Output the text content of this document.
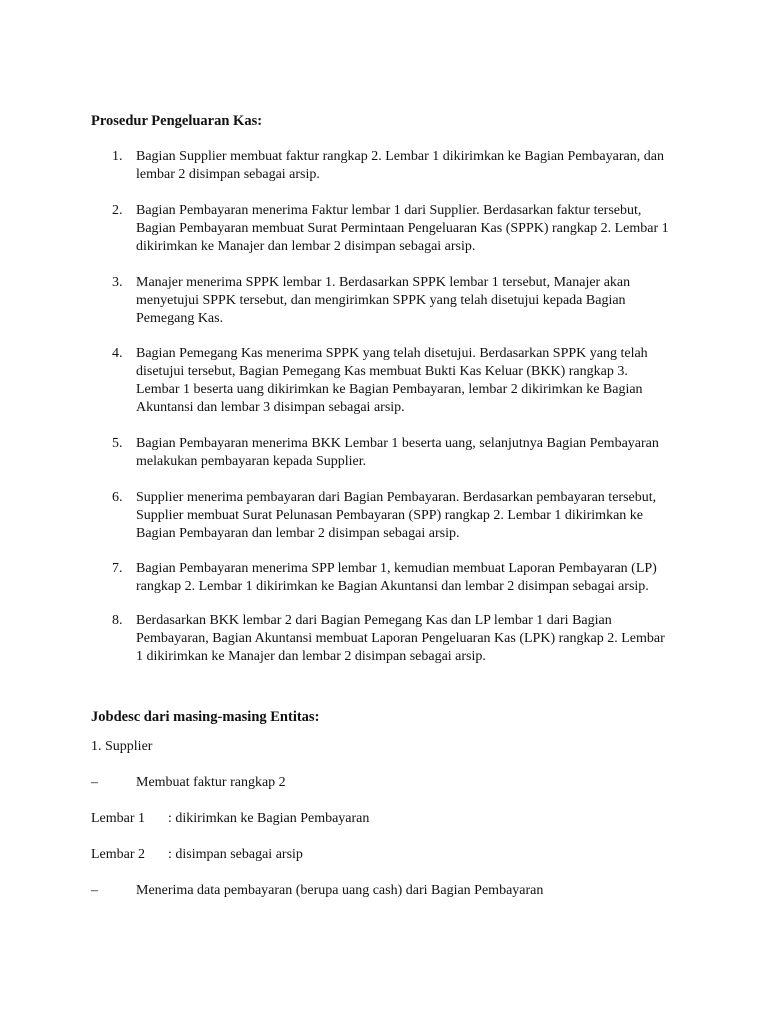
Prosedur Pengeluaran Kas:
1. Bagian Supplier membuat faktur rangkap 2. Lembar 1 dikirimkan ke Bagian Pembayaran, dan lembar 2 disimpan sebagai arsip.
2. Bagian Pembayaran menerima Faktur lembar 1 dari Supplier. Berdasarkan faktur tersebut, Bagian Pembayaran membuat Surat Permintaan Pengeluaran Kas (SPPK) rangkap 2. Lembar 1 dikirimkan ke Manajer dan lembar 2 disimpan sebagai arsip.
3. Manajer menerima SPPK lembar 1. Berdasarkan SPPK lembar 1 tersebut, Manajer akan menyetujui SPPK tersebut, dan mengirimkan SPPK yang telah disetujui kepada Bagian Pemegang Kas.
4. Bagian Pemegang Kas menerima SPPK yang telah disetujui. Berdasarkan SPPK yang telah disetujui tersebut, Bagian Pemegang Kas membuat Bukti Kas Keluar (BKK) rangkap 3. Lembar 1 beserta uang dikirimkan ke Bagian Pembayaran, lembar 2 dikirimkan ke Bagian Akuntansi dan lembar 3 disimpan sebagai arsip.
5. Bagian Pembayaran menerima BKK Lembar 1 beserta uang, selanjutnya Bagian Pembayaran melakukan pembayaran kepada Supplier.
6. Supplier menerima pembayaran dari Bagian Pembayaran. Berdasarkan pembayaran tersebut, Supplier membuat Surat Pelunasan Pembayaran (SPP) rangkap 2. Lembar 1 dikirimkan ke Bagian Pembayaran dan lembar 2 disimpan sebagai arsip.
7. Bagian Pembayaran menerima SPP lembar 1, kemudian membuat Laporan Pembayaran (LP) rangkap 2. Lembar 1 dikirimkan ke Bagian Akuntansi dan lembar 2 disimpan sebagai arsip.
8. Berdasarkan BKK lembar 2 dari Bagian Pemegang Kas dan LP lembar 1 dari Bagian Pembayaran, Bagian Akuntansi membuat Laporan Pengeluaran Kas (LPK) rangkap 2. Lembar 1 dikirimkan ke Manajer dan lembar 2 disimpan sebagai arsip.
Jobdesc dari masing-masing Entitas:
1. Supplier
–	Membuat faktur rangkap 2
Lembar 1 : dikirimkan ke Bagian Pembayaran
Lembar 2 : disimpan sebagai arsip
–	Menerima data pembayaran (berupa uang cash) dari Bagian Pembayaran
